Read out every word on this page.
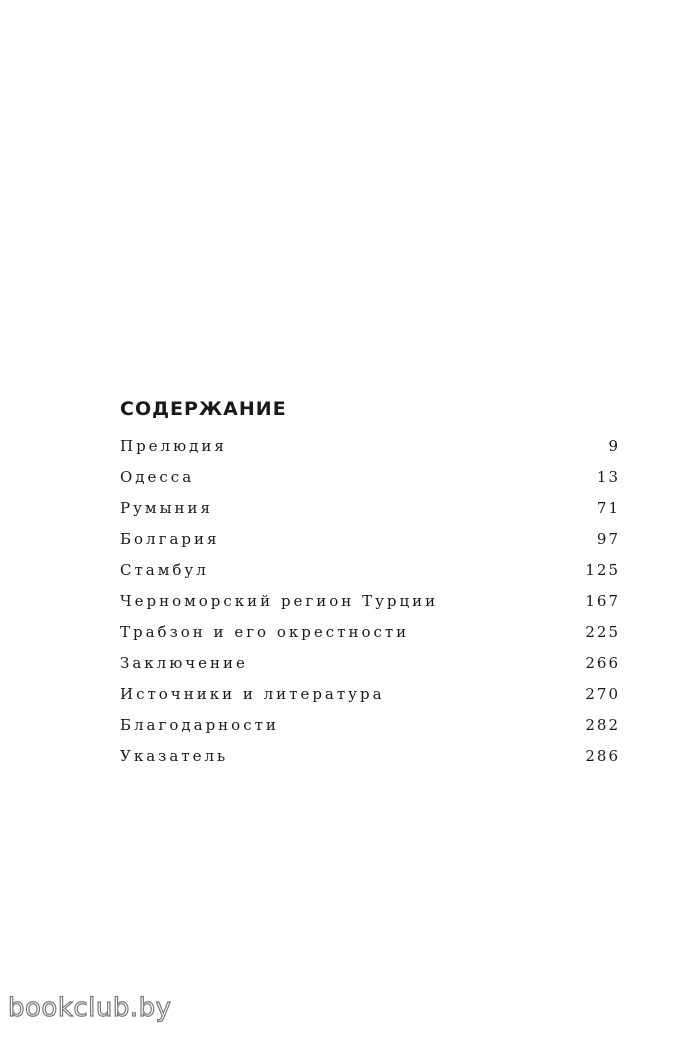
СОДЕРЖАНИЕ
Прелюдия	9
Одесса	13
Румыния	71
Болгария	97
Стамбул	125
Черноморский регион Турции	167
Трабзон и его окрестности	225
Заключение	266
Источники и литература	270
Благодарности	282
Указатель	286
bookclub.by
